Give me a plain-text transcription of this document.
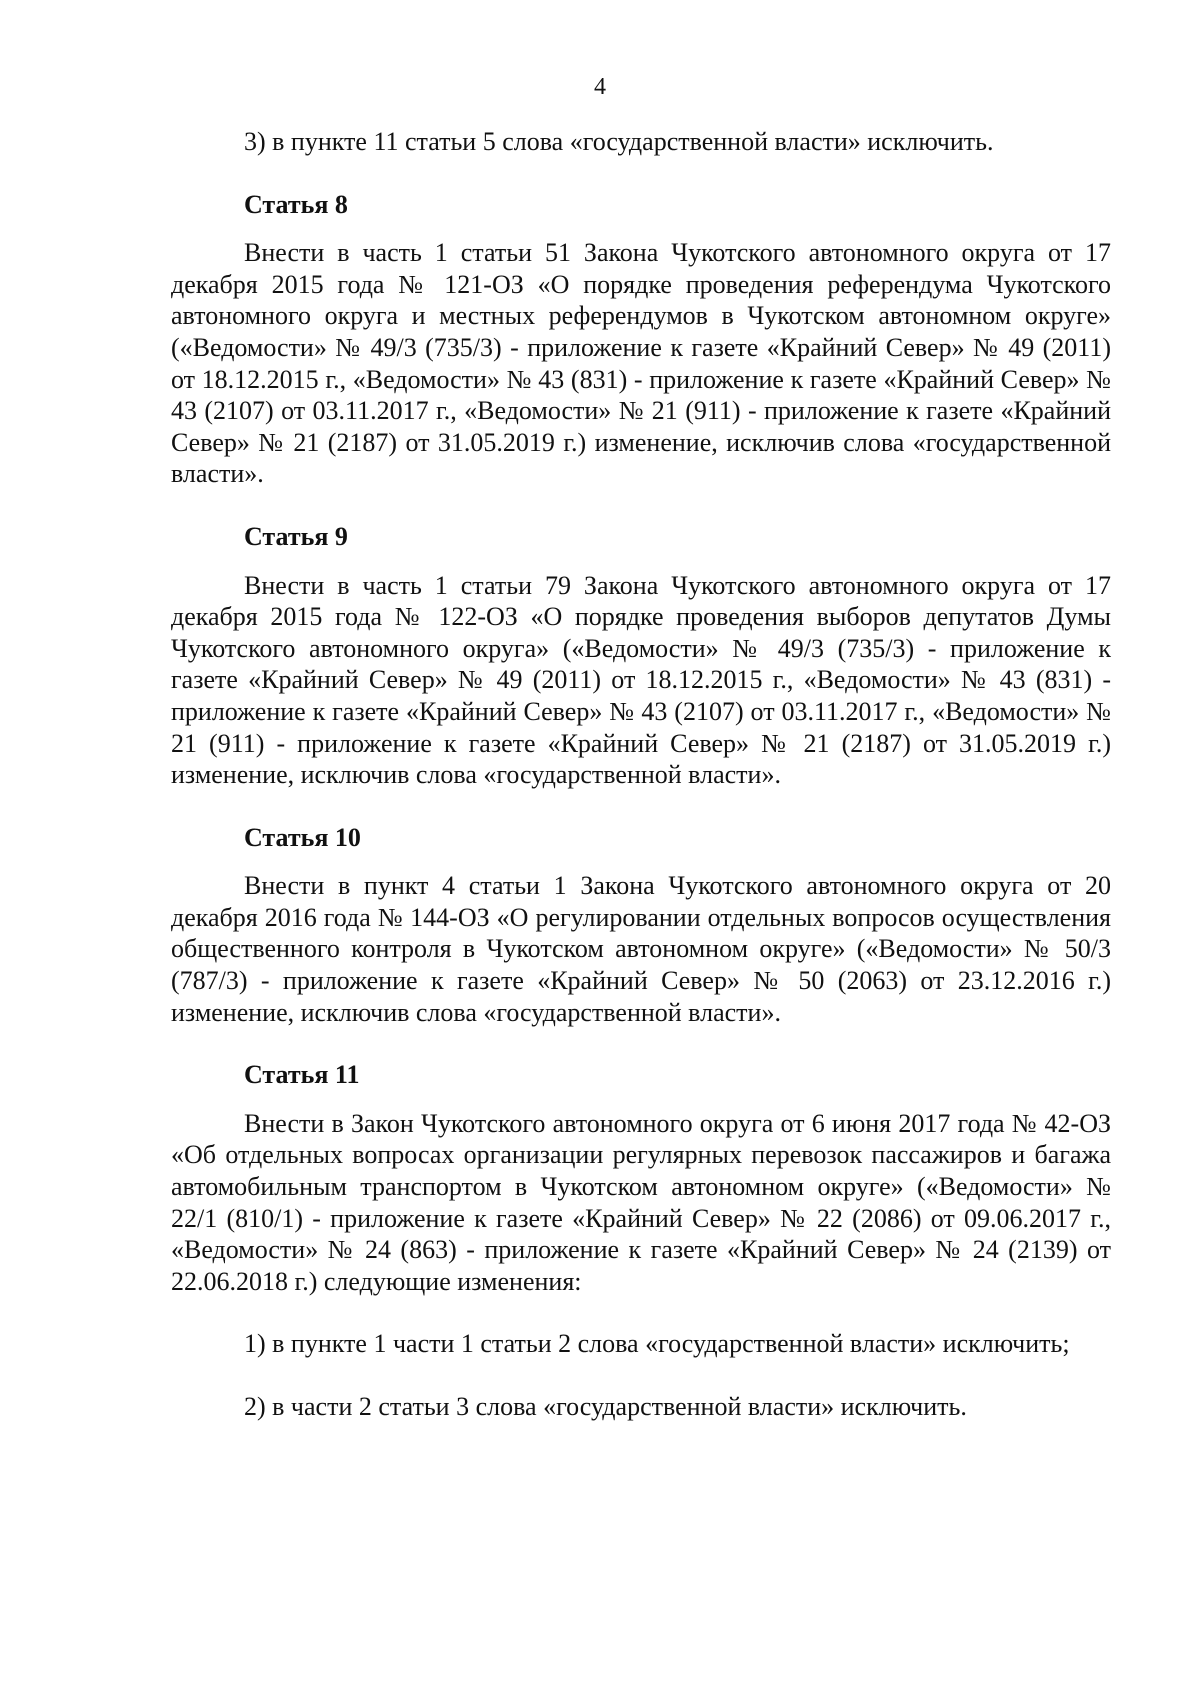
4

3) в пункте 11 статьи 5 слова «государственной власти» исключить.

Статья 8

Внести в часть 1 статьи 51 Закона Чукотского автономного округа от 17 декабря 2015 года № 121-ОЗ «О порядке проведения референдума Чукотского автономного округа и местных референдумов в Чукотском автономном округе» («Ведомости» № 49/3 (735/3) - приложение к газете «Крайний Север» № 49 (2011) от 18.12.2015 г., «Ведомости» № 43 (831) - приложение к газете «Крайний Север» № 43 (2107) от 03.11.2017 г., «Ведомости» № 21 (911) - приложение к газете «Крайний Север» № 21 (2187) от 31.05.2019 г.) изменение, исключив слова «государственной власти».

Статья 9

Внести в часть 1 статьи 79 Закона Чукотского автономного округа от 17 декабря 2015 года № 122-ОЗ «О порядке проведения выборов депутатов Думы Чукотского автономного округа» («Ведомости» № 49/3 (735/3) - приложение к газете «Крайний Север» № 49 (2011) от 18.12.2015 г., «Ведомости» № 43 (831) - приложение к газете «Крайний Север» № 43 (2107) от 03.11.2017 г., «Ведомости» № 21 (911) - приложение к газете «Крайний Север» № 21 (2187) от 31.05.2019 г.) изменение, исключив слова «государственной власти».

Статья 10

Внести в пункт 4 статьи 1 Закона Чукотского автономного округа от 20 декабря 2016 года № 144-ОЗ «О регулировании отдельных вопросов осуществления общественного контроля в Чукотском автономном округе» («Ведомости» № 50/3 (787/3) - приложение к газете «Крайний Север» № 50 (2063) от 23.12.2016 г.) изменение, исключив слова «государственной власти».

Статья 11

Внести в Закон Чукотского автономного округа от 6 июня 2017 года № 42-ОЗ «Об отдельных вопросах организации регулярных перевозок пассажиров и багажа автомобильным транспортом в Чукотском автономном округе» («Ведомости» № 22/1 (810/1) - приложение к газете «Крайний Север» № 22 (2086) от 09.06.2017 г., «Ведомости» № 24 (863) - приложение к газете «Крайний Север» № 24 (2139) от 22.06.2018 г.) следующие изменения:

1) в пункте 1 части 1 статьи 2 слова «государственной власти» исключить;

2) в части 2 статьи 3 слова «государственной власти» исключить.
